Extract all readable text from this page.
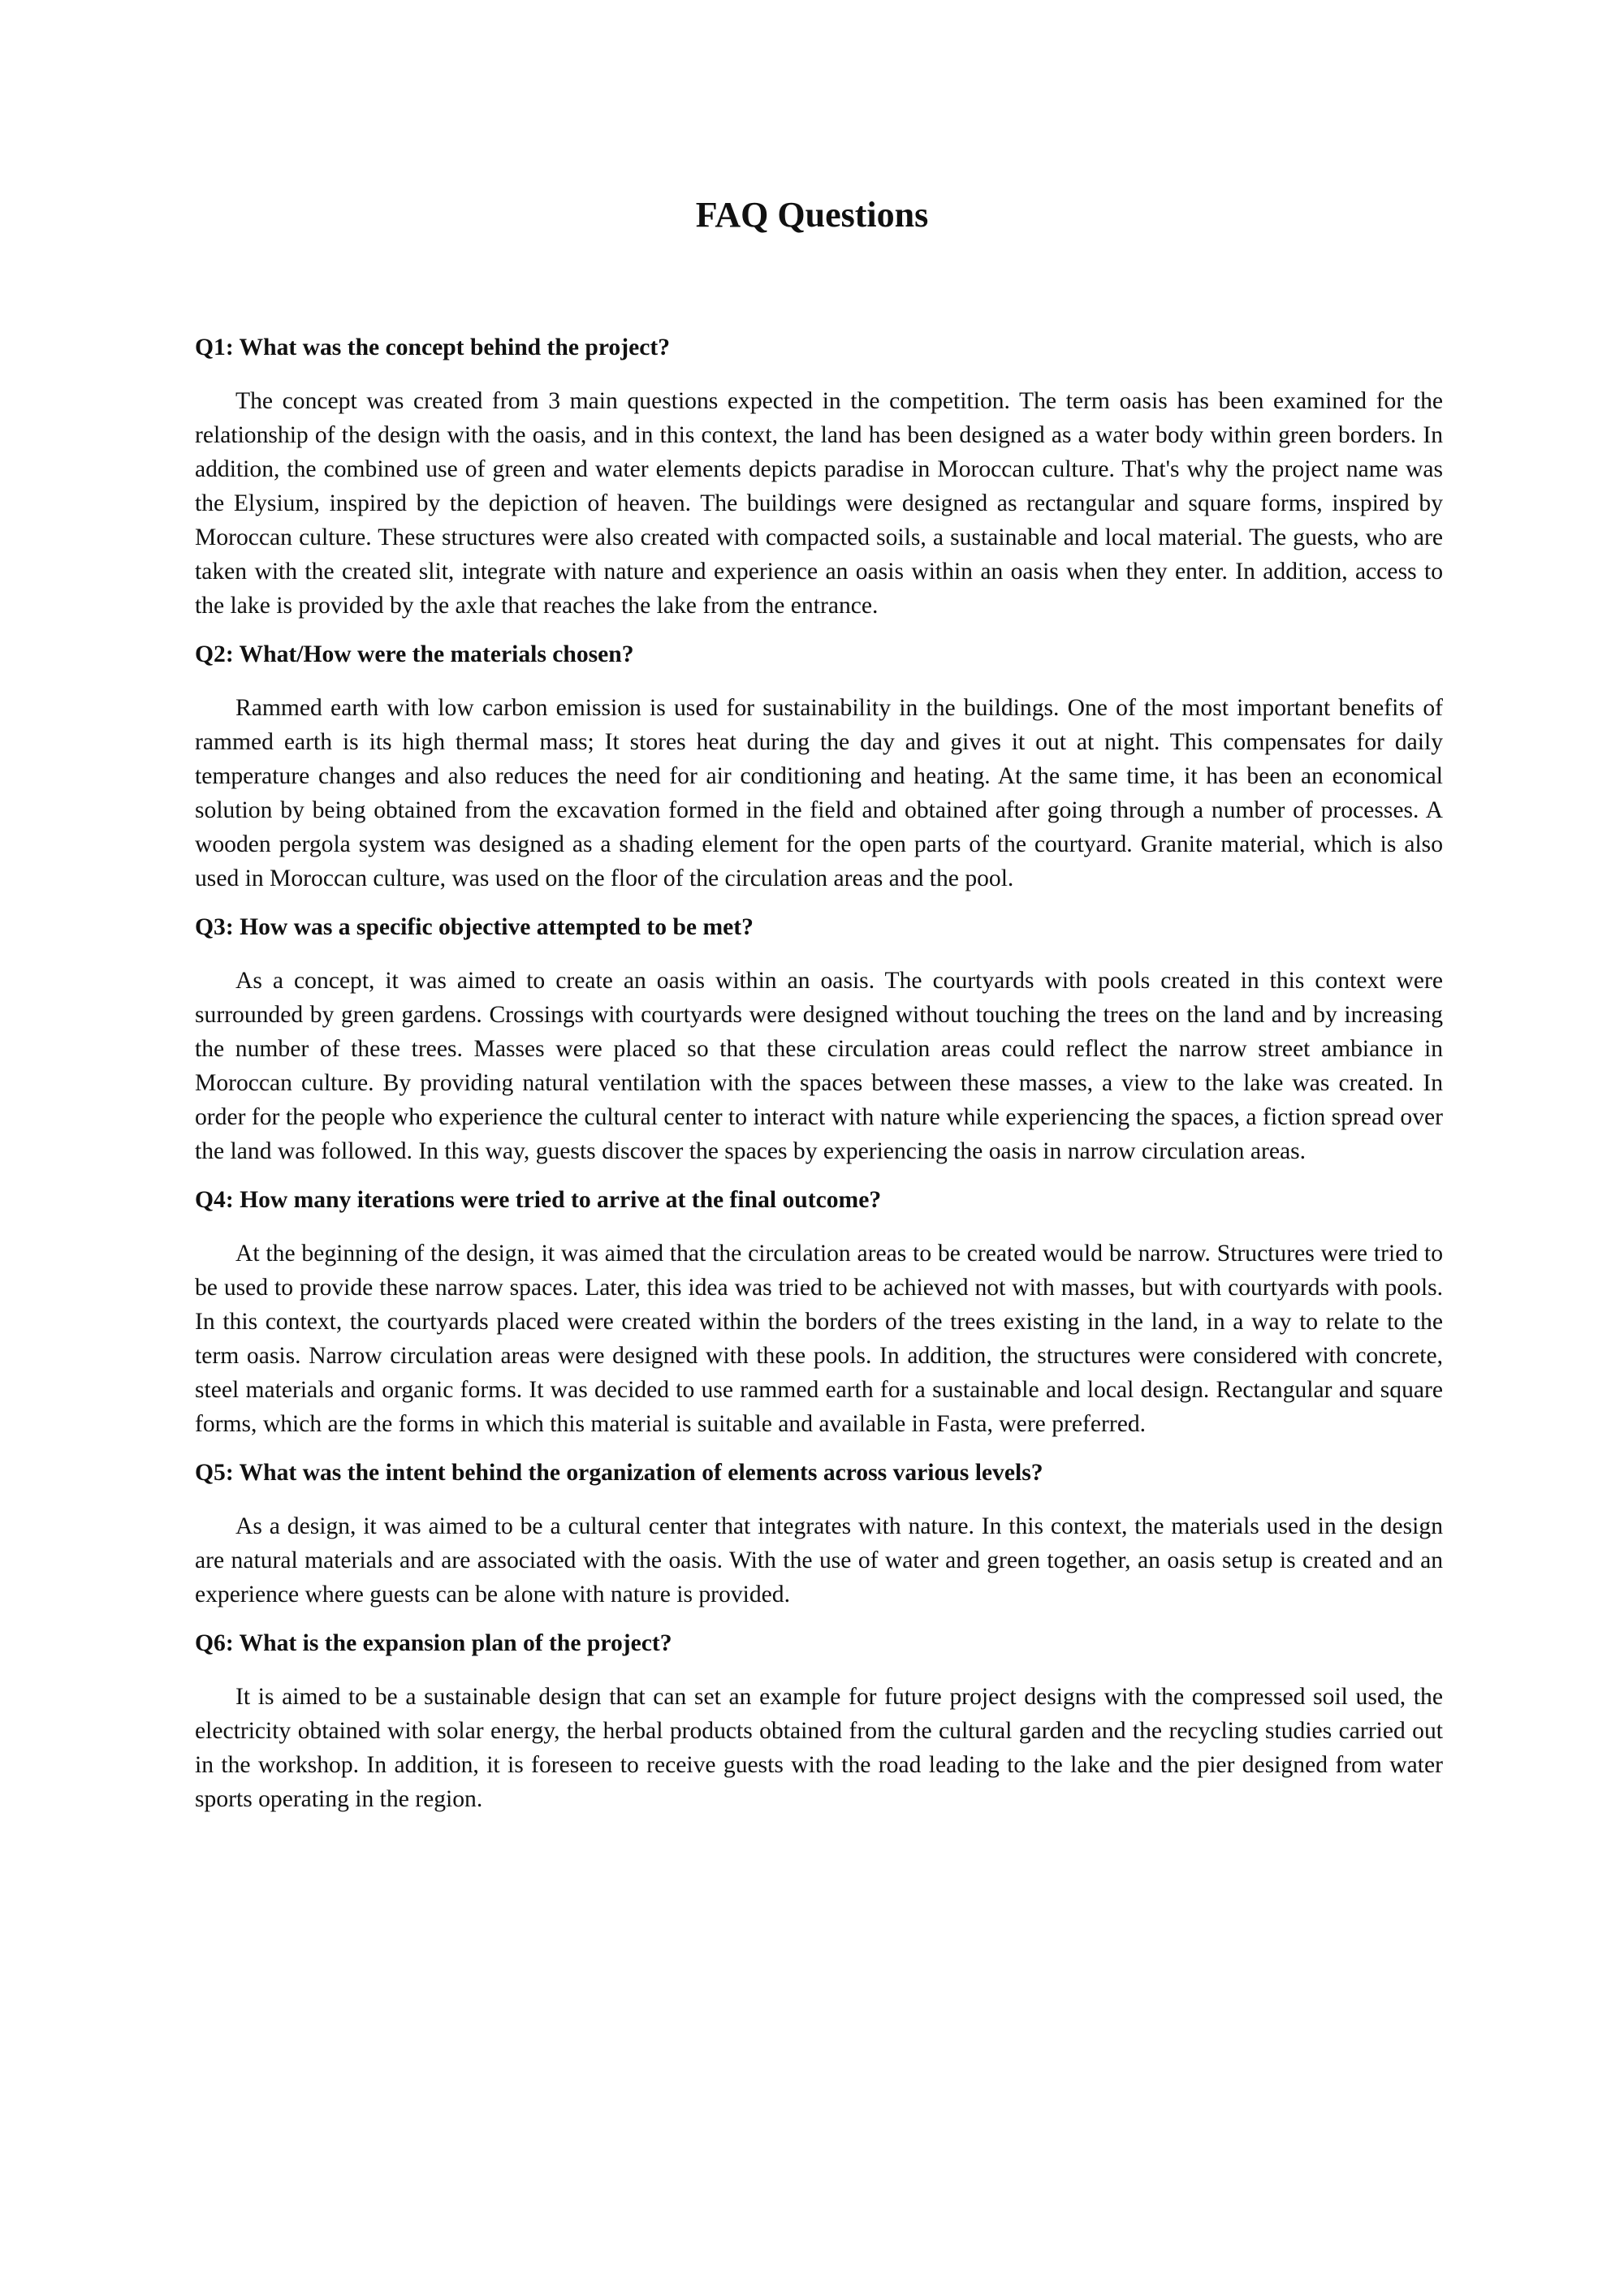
FAQ Questions
Q1: What was the concept behind the project?

The concept was created from 3 main questions expected in the competition. The term oasis has been examined for the relationship of the design with the oasis, and in this context, the land has been designed as a water body within green borders. In addition, the combined use of green and water elements depicts paradise in Moroccan culture. That's why the project name was the Elysium, inspired by the depiction of heaven. The buildings were designed as rectangular and square forms, inspired by Moroccan culture. These structures were also created with compacted soils, a sustainable and local material. The guests, who are taken with the created slit, integrate with nature and experience an oasis within an oasis when they enter. In addition, access to the lake is provided by the axle that reaches the lake from the entrance.

Q2: What/How were the materials chosen?

Rammed earth with low carbon emission is used for sustainability in the buildings. One of the most important benefits of rammed earth is its high thermal mass; It stores heat during the day and gives it out at night. This compensates for daily temperature changes and also reduces the need for air conditioning and heating. At the same time, it has been an economical solution by being obtained from the excavation formed in the field and obtained after going through a number of processes. A wooden pergola system was designed as a shading element for the open parts of the courtyard. Granite material, which is also used in Moroccan culture, was used on the floor of the circulation areas and the pool.

Q3: How was a specific objective attempted to be met?

As a concept, it was aimed to create an oasis within an oasis. The courtyards with pools created in this context were surrounded by green gardens. Crossings with courtyards were designed without touching the trees on the land and by increasing the number of these trees. Masses were placed so that these circulation areas could reflect the narrow street ambiance in Moroccan culture. By providing natural ventilation with the spaces between these masses, a view to the lake was created. In order for the people who experience the cultural center to interact with nature while experiencing the spaces, a fiction spread over the land was followed. In this way, guests discover the spaces by experiencing the oasis in narrow circulation areas.

Q4: How many iterations were tried to arrive at the final outcome?

At the beginning of the design, it was aimed that the circulation areas to be created would be narrow. Structures were tried to be used to provide these narrow spaces. Later, this idea was tried to be achieved not with masses, but with courtyards with pools. In this context, the courtyards placed were created within the borders of the trees existing in the land, in a way to relate to the term oasis. Narrow circulation areas were designed with these pools. In addition, the structures were considered with concrete, steel materials and organic forms. It was decided to use rammed earth for a sustainable and local design. Rectangular and square forms, which are the forms in which this material is suitable and available in Fasta, were preferred.

Q5: What was the intent behind the organization of elements across various levels?

As a design, it was aimed to be a cultural center that integrates with nature. In this context, the materials used in the design are natural materials and are associated with the oasis. With the use of water and green together, an oasis setup is created and an experience where guests can be alone with nature is provided.

Q6: What is the expansion plan of the project?

It is aimed to be a sustainable design that can set an example for future project designs with the compressed soil used, the electricity obtained with solar energy, the herbal products obtained from the cultural garden and the recycling studies carried out in the workshop. In addition, it is foreseen to receive guests with the road leading to the lake and the pier designed from water sports operating in the region.
